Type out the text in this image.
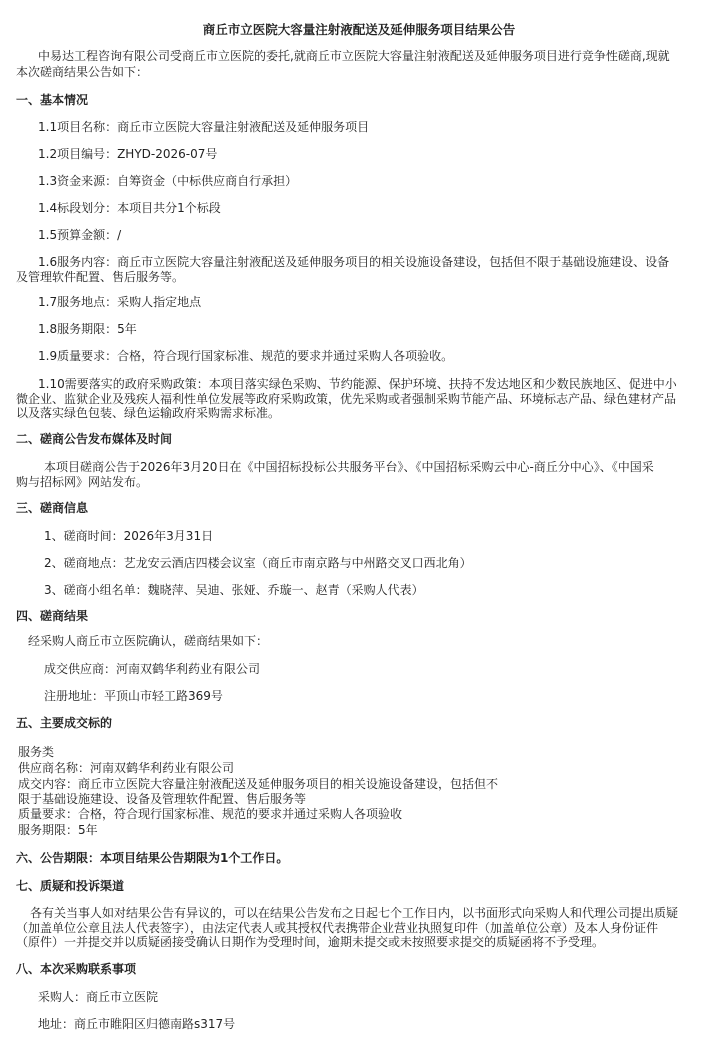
商丘市立医院大容量注射液配送及延伸服务项目结果公告
中易达工程咨询有限公司受商丘市立医院的委托,就商丘市立医院大容量注射液配送及延伸服务项目进行竞争性磋商,现就
本次磋商结果公告如下：
一、基本情况
1.1项目名称：商丘市立医院大容量注射液配送及延伸服务项目
1.2项目编号：ZHYD-2026-07号
1.3资金来源：自筹资金（中标供应商自行承担）
1.4标段划分：本项目共分1个标段
1.5预算金额：/
1.6服务内容：商丘市立医院大容量注射液配送及延伸服务项目的相关设施设备建设，包括但不限于基础设施建设、设备
及管理软件配置、售后服务等。
1.7服务地点：采购人指定地点
1.8服务期限：5年
1.9质量要求：合格，符合现行国家标准、规范的要求并通过采购人各项验收。
1.10需要落实的政府采购政策：本项目落实绿色采购、节约能源、保护环境、扶持不发达地区和少数民族地区、促进中小
微企业、监狱企业及残疾人福利性单位发展等政府采购政策，优先采购或者强制采购节能产品、环境标志产品、绿色建材产品
以及落实绿色包装、绿色运输政府采购需求标准。
二、磋商公告发布媒体及时间
本项目磋商公告于2026年3月20日在《中国招标投标公共服务平台》、《中国招标采购云中心-商丘分中心》、《中国采
购与招标网》网站发布。
三、磋商信息
1、磋商时间：2026年3月31日
2、磋商地点：艺龙安云酒店四楼会议室（商丘市南京路与中州路交叉口西北角）
3、磋商小组名单：魏晓萍、吴迪、张娅、乔璇一、赵青（采购人代表）
四、磋商结果
经采购人商丘市立医院确认，磋商结果如下：
成交供应商：河南双鹤华利药业有限公司
注册地址：平顶山市轻工路369号
五、主要成交标的
服务类
供应商名称：河南双鹤华利药业有限公司
成交内容：商丘市立医院大容量注射液配送及延伸服务项目的相关设施设备建设，包括但不
限于基础设施建设、设备及管理软件配置、售后服务等
质量要求：合格，符合现行国家标准、规范的要求并通过采购人各项验收
服务期限：5年
六、公告期限：本项目结果公告期限为1个工作日。
七、质疑和投诉渠道
各有关当事人如对结果公告有异议的，可以在结果公告发布之日起七个工作日内，以书面形式向采购人和代理公司提出质疑
（加盖单位公章且法人代表签字），由法定代表人或其授权代表携带企业营业执照复印件（加盖单位公章）及本人身份证件
（原件）一并提交并以质疑函接受确认日期作为受理时间，逾期未提交或未按照要求提交的质疑函将不予受理。
八、本次采购联系事项
采购人：商丘市立医院
地址：商丘市睢阳区归德南路s317号
